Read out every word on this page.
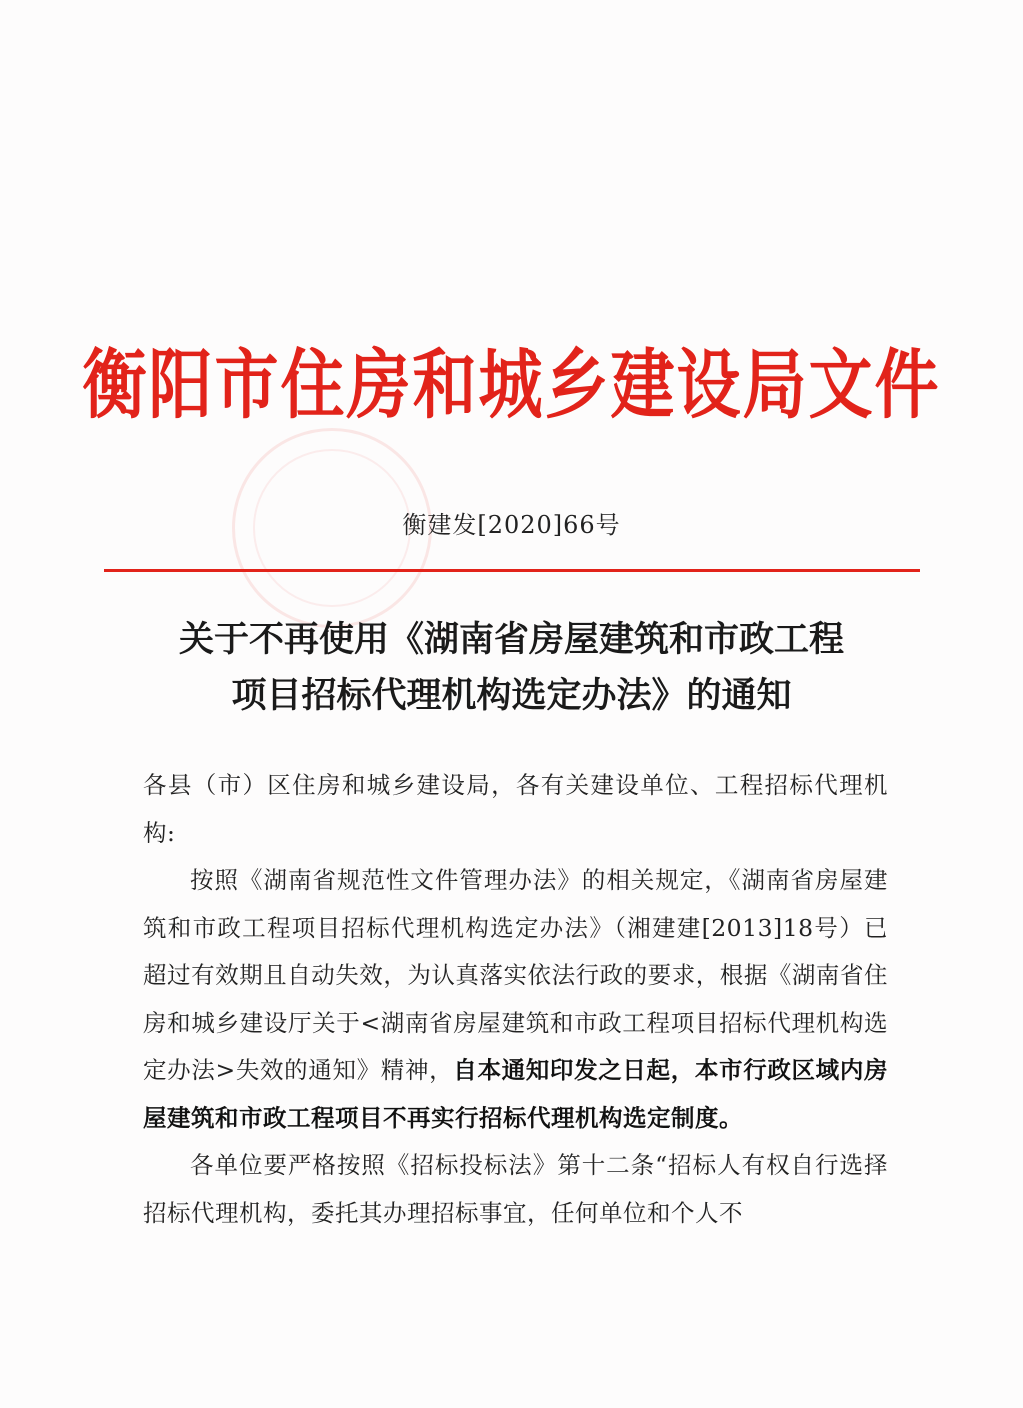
衡阳市住房和城乡建设局文件
衡建发[2020]66号
关于不再使用《湖南省房屋建筑和市政工程
项目招标代理机构选定办法》的通知

各县（市）区住房和城乡建设局，各有关建设单位、工程招标代理机构:

按照《湖南省规范性文件管理办法》的相关规定，《湖南省房屋建筑和市政工程项目招标代理机构选定办法》（湘建建[2013]18号）已超过有效期且自动失效，为认真落实依法行政的要求，根据《湖南省住房和城乡建设厅关于<湖南省房屋建筑和市政工程项目招标代理机构选定办法>失效的通知》精神，自本通知印发之日起，本市行政区域内房屋建筑和市政工程项目不再实行招标代理机构选定制度。

各单位要严格按照《招标投标法》第十二条“招标人有权自行选择招标代理机构，委托其办理招标事宜，任何单位和个人不
